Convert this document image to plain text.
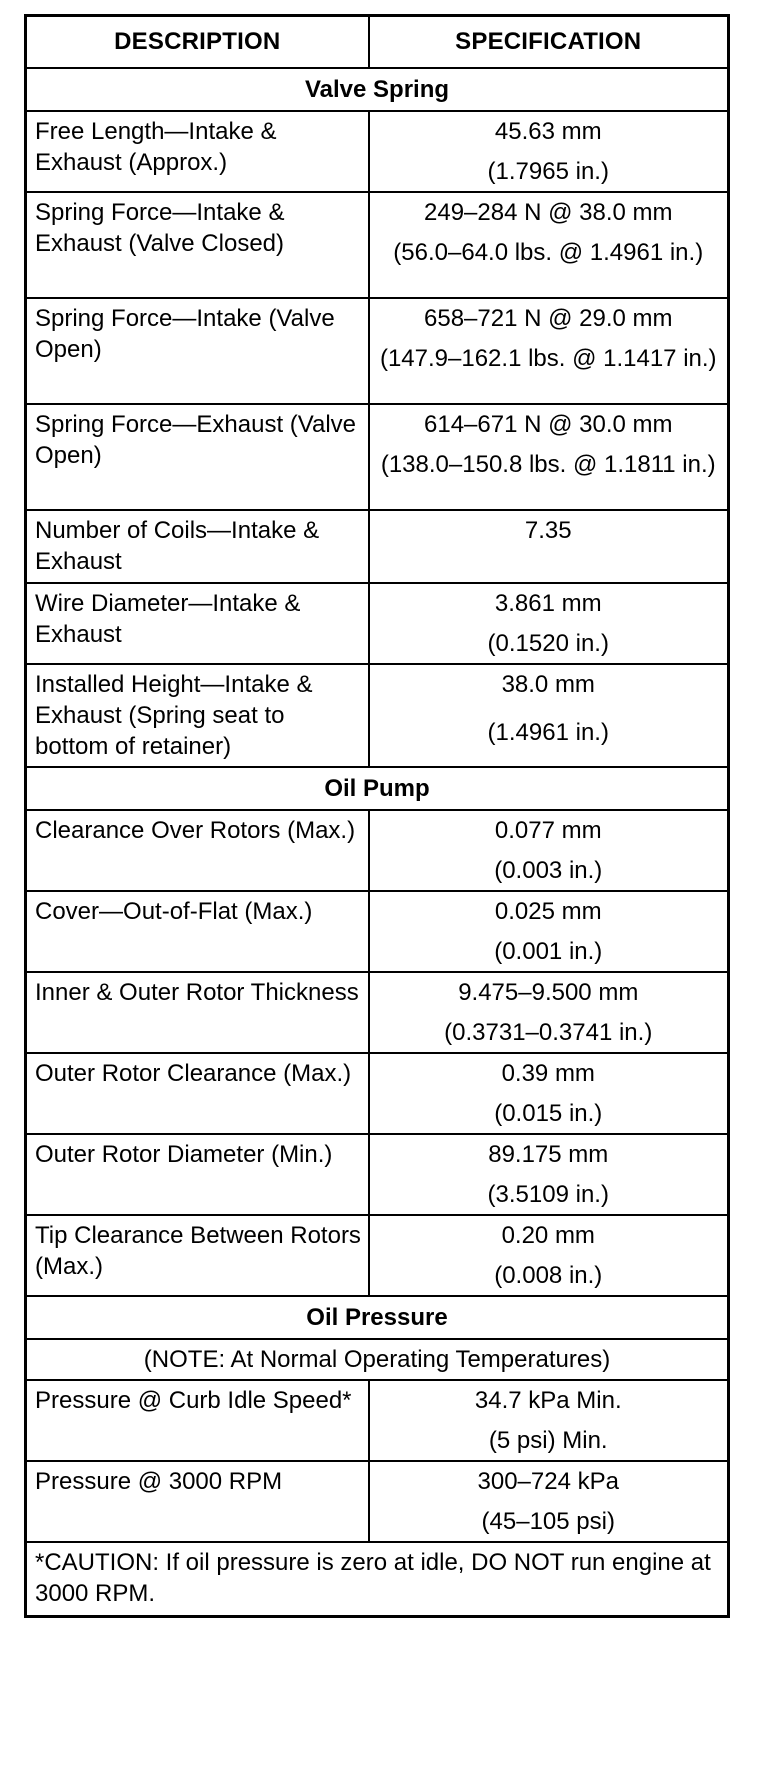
DESCRIPTION	SPECIFICATION
Valve Spring	
Free Length—Intake & Exhaust (Approx.)	45.63 mm
(1.7965 in.)

Spring Force—Intake & Exhaust (Valve Closed)	249–284 N @ 38.0 mm
(56.0–64.0 lbs. @ 1.4961 in.)

Spring Force—Intake (Valve Open)	658–721 N @ 29.0 mm
(147.9–162.1 lbs. @ 1.1417 in.)

Spring Force—Exhaust (Valve Open)	614–671 N @ 30.0 mm
(138.0–150.8 lbs. @ 1.1811 in.)

Number of Coils—Intake & Exhaust	7.35

Wire Diameter—Intake & Exhaust	3.861 mm
(0.1520 in.)

Installed Height—Intake & Exhaust (Spring seat to bottom of retainer)	38.0 mm
(1.4961 in.)

Oil Pump	
Clearance Over Rotors (Max.)	0.077 mm
(0.003 in.)

Cover—Out-of-Flat (Max.)	0.025 mm
(0.001 in.)

Inner & Outer Rotor Thickness	9.475–9.500 mm
(0.3731–0.3741 in.)

Outer Rotor Clearance (Max.)	0.39 mm
(0.015 in.)

Outer Rotor Diameter (Min.)	89.175 mm
(3.5109 in.)

Tip Clearance Between Rotors (Max.)	0.20 mm
(0.008 in.)

Oil Pressure	
(NOTE: At Normal Operating Temperatures)	
Pressure @ Curb Idle Speed*	34.7 kPa Min.
(5 psi) Min.

Pressure @ 3000 RPM	300–724 kPa
(45–105 psi)

*CAUTION: If oil pressure is zero at idle, DO NOT run engine at 3000 RPM.	
